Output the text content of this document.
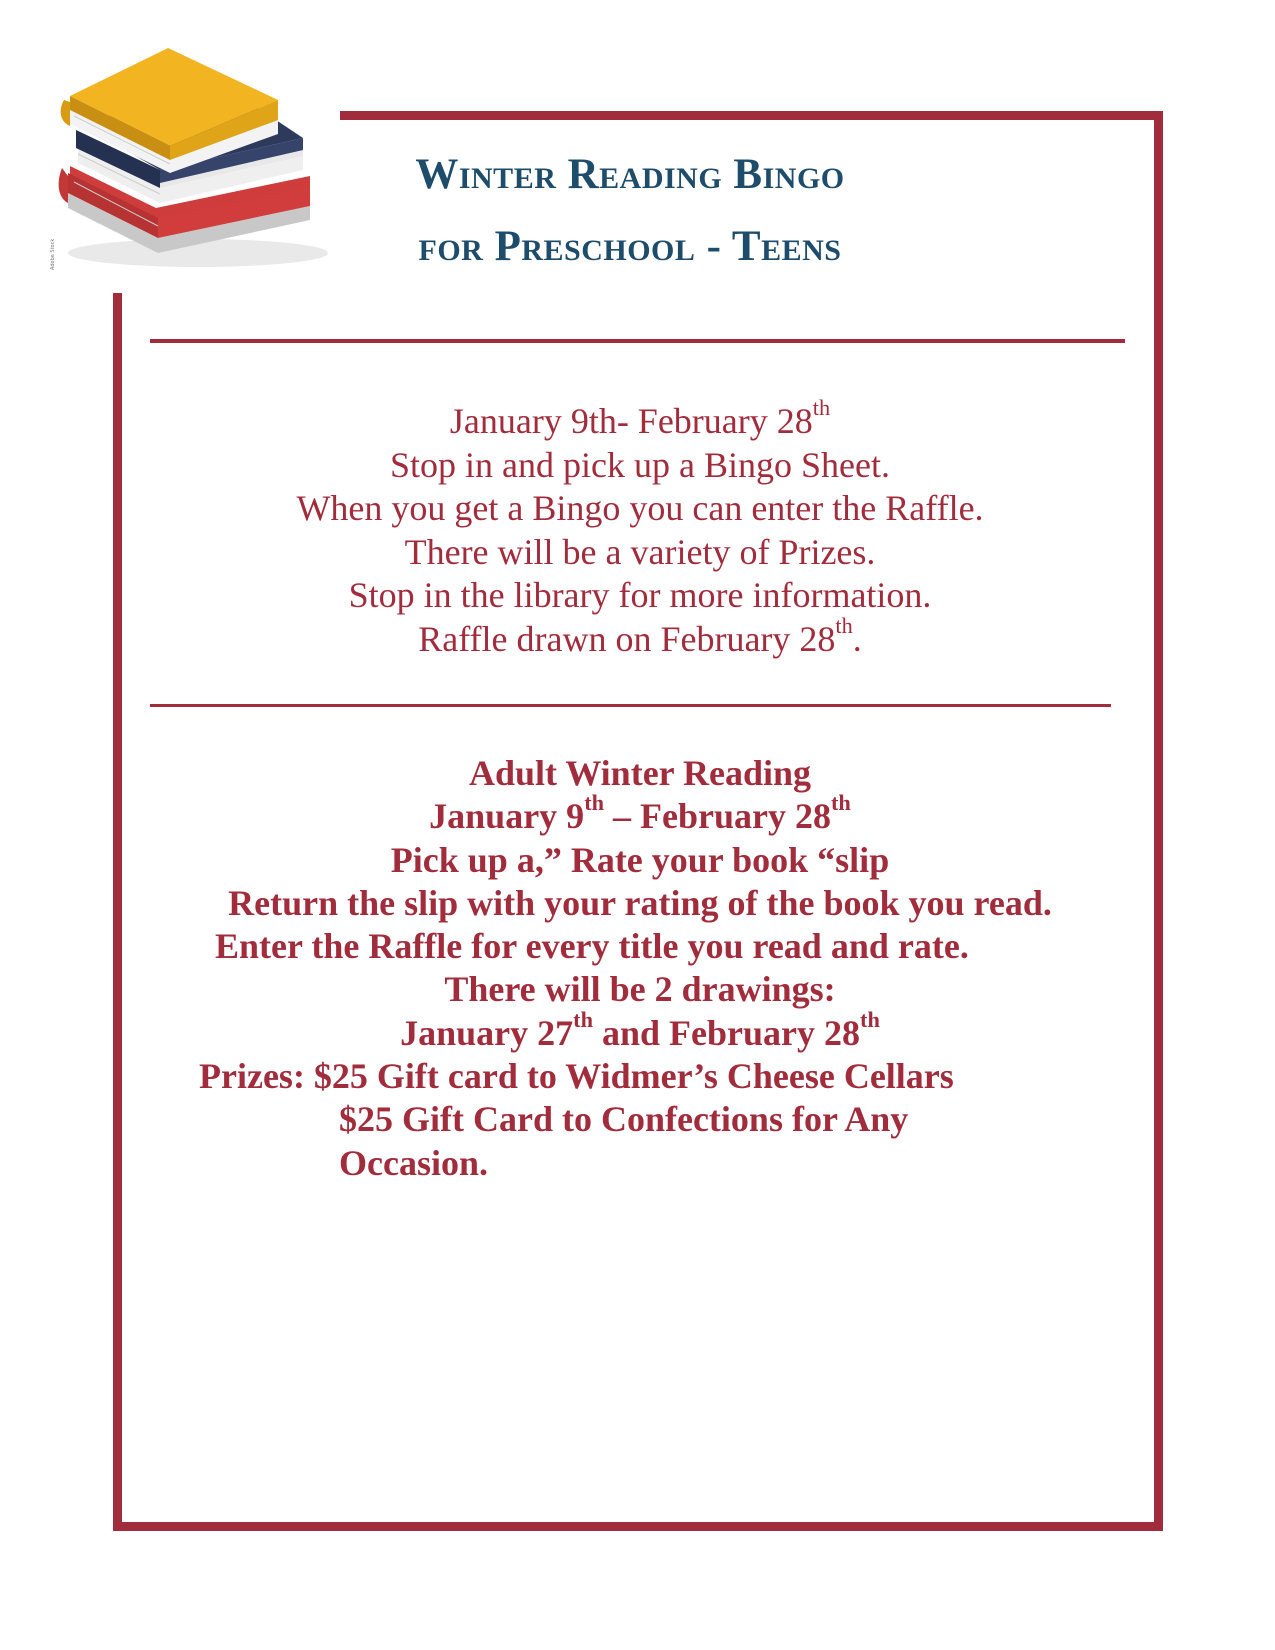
Adobe Stock
Winter Reading Bingo
for Preschool - Teens

January 9th- February 28th

Stop in and pick up a Bingo Sheet.

When you get a Bingo you can enter the Raffle.

There will be a variety of Prizes.

Stop in the library for more information.

Raffle drawn on February 28th.

Adult Winter Reading

January 9th – February 28th

Pick up a,” Rate your book “slip

Return the slip with your rating of the book you read.

Enter the Raffle for every title you read and rate.

There will be 2 drawings:

January 27th and February 28th

Prizes: $25 Gift card to Widmer’s Cheese Cellars

$25 Gift Card to Confections for Any

Occasion.
